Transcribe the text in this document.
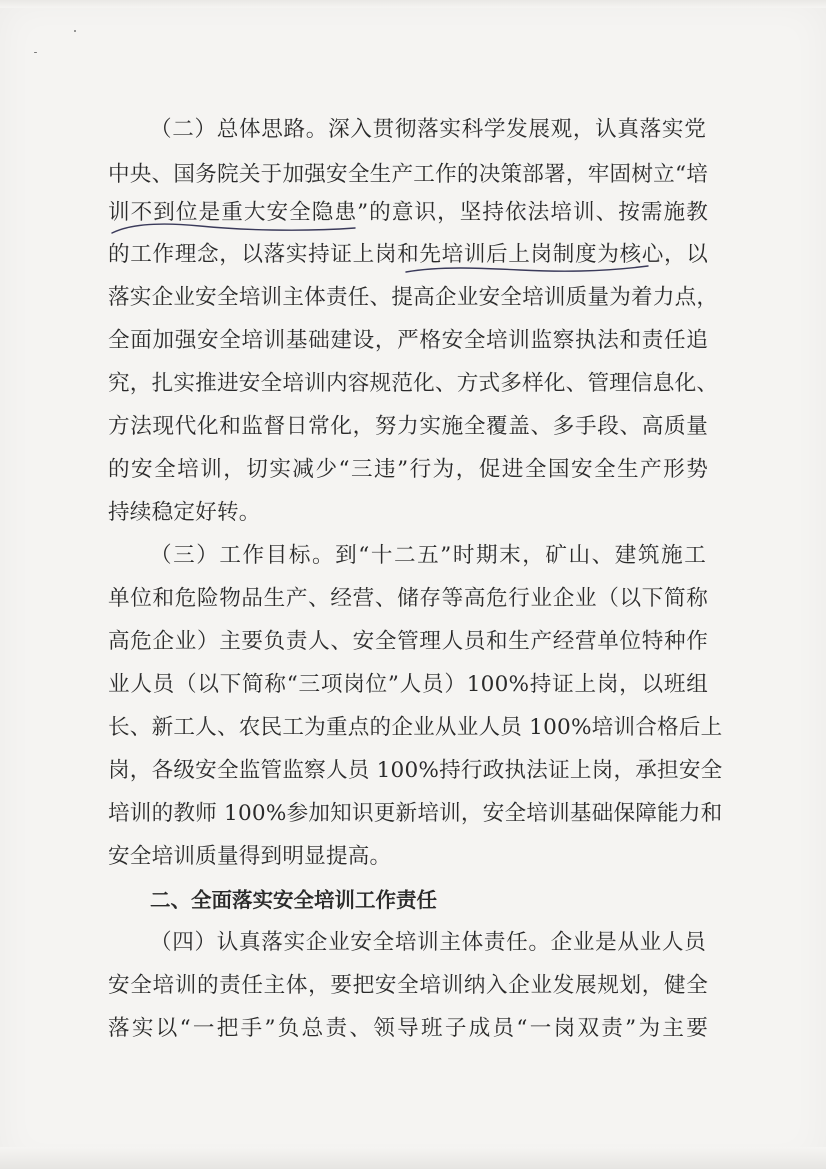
（二）总体思路。深入贯彻落实科学发展观，认真落实党
中央、国务院关于加强安全生产工作的决策部署，牢固树立“培
训不到位是重大安全隐患”的意识，坚持依法培训、按需施教
的工作理念，以落实持证上岗和先培训后上岗制度为核心，以
落实企业安全培训主体责任、提高企业安全培训质量为着力点，
全面加强安全培训基础建设，严格安全培训监察执法和责任追
究，扎实推进安全培训内容规范化、方式多样化、管理信息化、
方法现代化和监督日常化，努力实施全覆盖、多手段、高质量
的安全培训，切实减少“三违”行为，促进全国安全生产形势
持续稳定好转。
（三）工作目标。到“十二五”时期末，矿山、建筑施工
单位和危险物品生产、经营、储存等高危行业企业（以下简称
高危企业）主要负责人、安全管理人员和生产经营单位特种作
业人员（以下简称“三项岗位”人员）100%持证上岗，以班组
长、新工人、农民工为重点的企业从业人员 100%培训合格后上
岗，各级安全监管监察人员 100%持行政执法证上岗，承担安全
培训的教师 100%参加知识更新培训，安全培训基础保障能力和
安全培训质量得到明显提高。
二、全面落实安全培训工作责任
（四）认真落实企业安全培训主体责任。企业是从业人员
安全培训的责任主体，要把安全培训纳入企业发展规划，健全
落实以“一把手”负总责、领导班子成员“一岗双责”为主要
